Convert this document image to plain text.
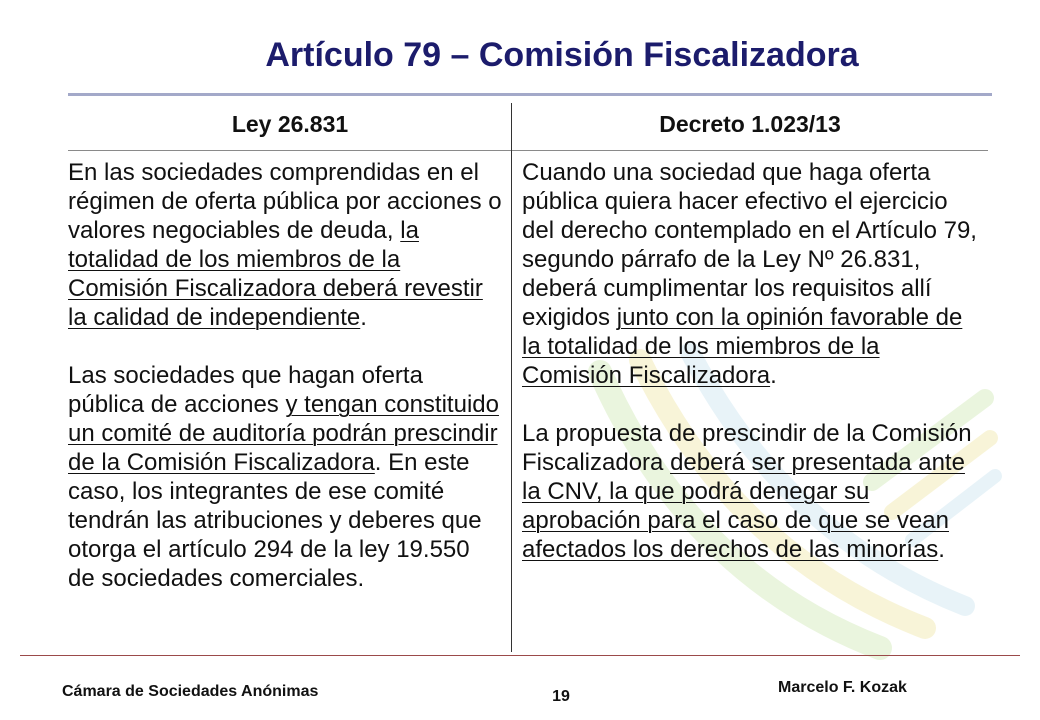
Artículo 79 – Comisión Fiscalizadora
Ley 26.831	Decreto 1.023/13
En las sociedades comprendidas en el
régimen de oferta pública por acciones o
valores negociables de deuda, la
totalidad de los miembros de la
Comisión Fiscalizadora deberá revestir
la calidad de independiente.
Las sociedades que hagan oferta
pública de acciones y tengan constituido
un comité de auditoría podrán prescindir
de la Comisión Fiscalizadora. En este
caso, los integrantes de ese comité
tendrán las atribuciones y deberes que
otorga el artículo 294 de la ley 19.550
de sociedades comerciales.
Cuando una sociedad que haga oferta
pública quiera hacer efectivo el ejercicio
del derecho contemplado en el Artículo 79,
segundo párrafo de la Ley Nº 26.831,
deberá cumplimentar los requisitos allí
exigidos junto con la opinión favorable de
la totalidad de los miembros de la
Comisión Fiscalizadora.
La propuesta de prescindir de la Comisión
Fiscalizadora deberá ser presentada ante
la CNV, la que podrá denegar su
aprobación para el caso de que se vean
afectados los derechos de las minorías.
Cámara de Sociedades Anónimas	19
Marcelo F. Kozak
